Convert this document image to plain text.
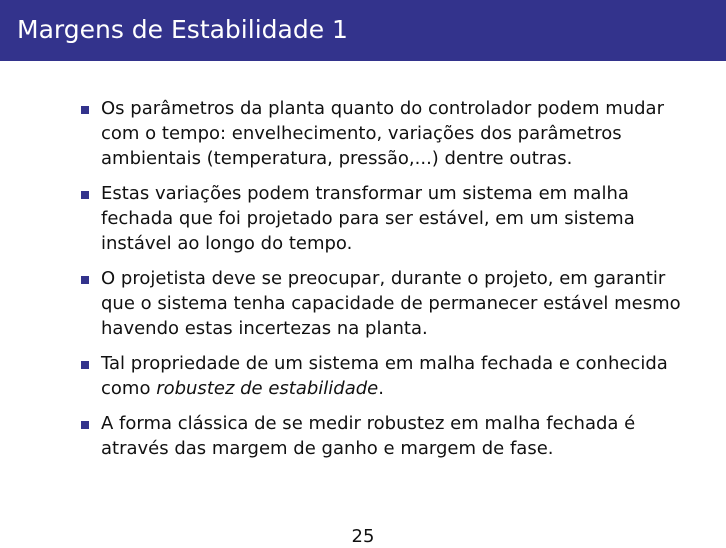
Margens de Estabilidade 1
Os parâmetros da planta quanto do controlador podem mudar com o tempo: envelhecimento, variações dos parâmetros ambientais (temperatura, pressão,...) dentre outras.
Estas variações podem transformar um sistema em malha fechada que foi projetado para ser estável, em um sistema instável ao longo do tempo.
O projetista deve se preocupar, durante o projeto, em garantir que o sistema tenha capacidade de permanecer estável mesmo havendo estas incertezas na planta.
Tal propriedade de um sistema em malha fechada e conhecida como robustez de estabilidade.
A forma clássica de se medir robustez em malha fechada é através das margem de ganho e margem de fase.
25
